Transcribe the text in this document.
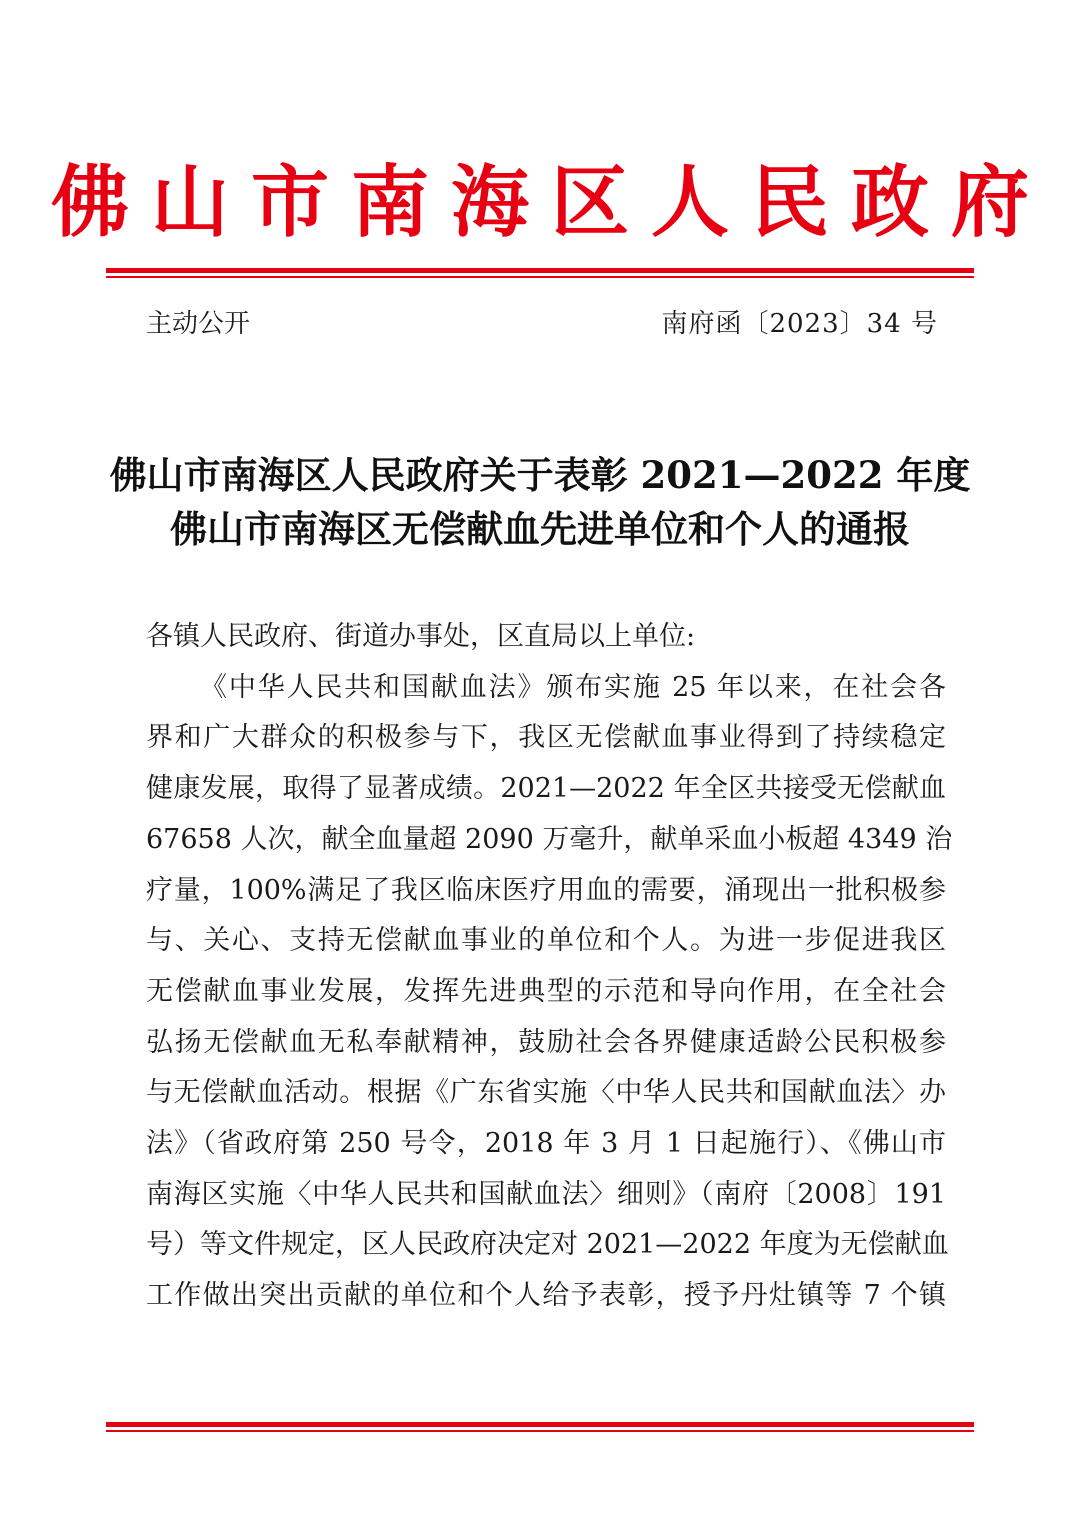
佛山市南海区人民政府
主动公开	南府函〔2023〕34 号
佛山市南海区人民政府关于表彰 2021—2022 年度
佛山市南海区无偿献血先进单位和个人的通报
各镇人民政府、街道办事处，区直局以上单位:
《中华人民共和国献血法》颁布实施 25 年以来，在社会各
界和广大群众的积极参与下，我区无偿献血事业得到了持续稳定
健康发展，取得了显著成绩。2021—2022 年全区共接受无偿献血
67658 人次，献全血量超 2090 万毫升，献单采血小板超 4349 治
疗量，100%满足了我区临床医疗用血的需要，涌现出一批积极参
与、关心、支持无偿献血事业的单位和个人。为进一步促进我区
无偿献血事业发展，发挥先进典型的示范和导向作用，在全社会
弘扬无偿献血无私奉献精神，鼓励社会各界健康适龄公民积极参
与无偿献血活动。根据《广东省实施〈中华人民共和国献血法〉办
法》（省政府第 250 号令，2018 年 3 月 1 日起施行）、《佛山市
南海区实施〈中华人民共和国献血法〉细则》（南府〔2008〕191
号）等文件规定，区人民政府决定对 2021—2022 年度为无偿献血
工作做出突出贡献的单位和个人给予表彰，授予丹灶镇等 7 个镇
